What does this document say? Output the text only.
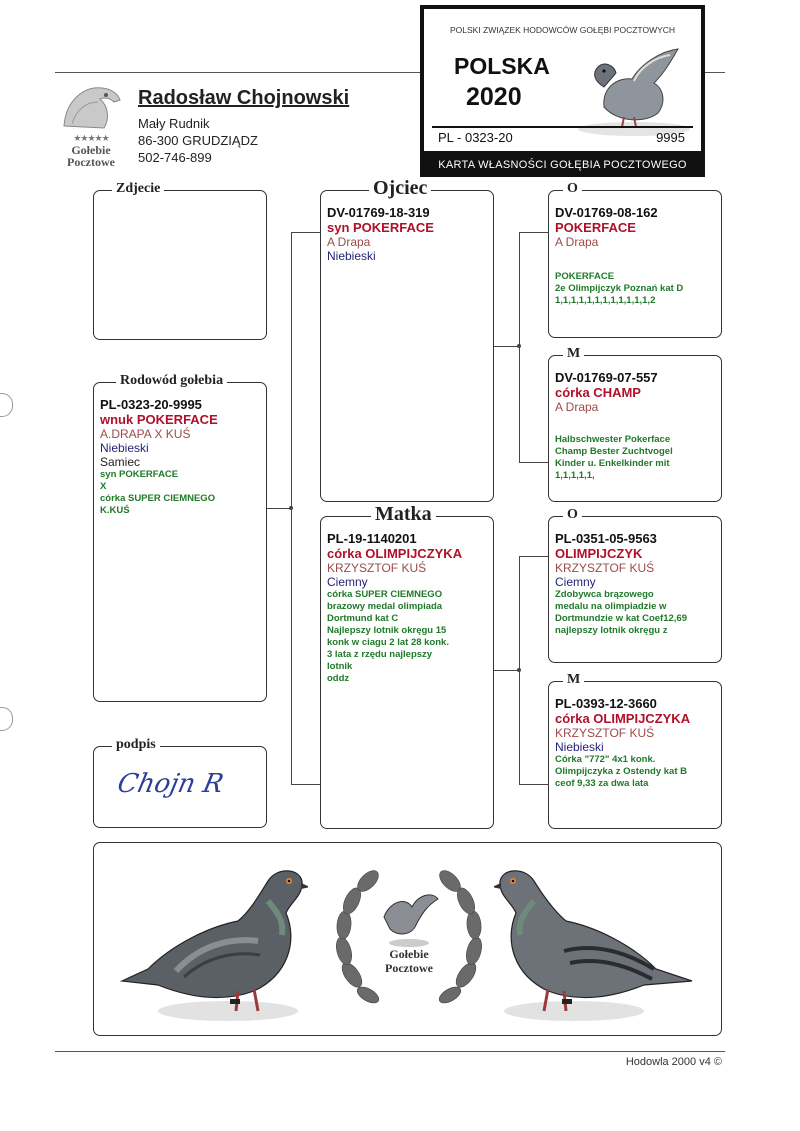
★★★★★
Gołebie
Pocztowe
Radosław Chojnowski
Mały Rudnik
86-300 GRUDZIĄDZ
502-746-899
POLSKI ZWIĄZEK HODOWCÓW GOŁĘBI POCZTOWYCH
POLSKA
2020
PL - 0323-20	9995
KARTA WŁASNOŚCI GOŁĘBIA POCZTOWEGO
Zdjecie
Rodowód gołebia
PL-0323-20-9995
wnuk POKERFACE
A.DRAPA X KUŚ
Niebieski
Samiec
syn POKERFACE
X
córka SUPER CIEMNEGO
K.KUŚ
podpis
Chojn R
Ojciec
DV-01769-18-319
syn POKERFACE
A Drapa
Niebieski
Matka
PL-19-1140201
córka OLIMPIJCZYKA
KRZYSZTOF KUŚ
Ciemny
córka SUPER CIEMNEGO
brazowy medal olimpiada
Dortmund kat C
Najlepszy lotnik okręgu 15
konk w ciagu 2 lat 28 konk.
3 lata z rzędu najlepszy
lotnik
oddz
O
DV-01769-08-162
POKERFACE
A Drapa
POKERFACE
2e Olimpijczyk Poznań kat D
1,1,1,1,1,1,1,1,1,1,1,1,2
M
DV-01769-07-557
córka CHAMP
A Drapa
Halbschwester Pokerface
Champ Bester Zuchtvogel
Kinder u. Enkelkinder mit
1,1,1,1,1,
O
PL-0351-05-9563
OLIMPIJCZYK
KRZYSZTOF KUŚ
Ciemny
Zdobywca brązowego
medalu na olimpiadzie w
Dortmundzie w kat Coef12,69
najlepszy lotnik okręgu z
M
PL-0393-12-3660
córka OLIMPIJCZYKA
KRZYSZTOF KUŚ
Niebieski
Córka "772" 4x1 konk.
Olimpijczyka z Ostendy kat B
ceof 9,33 za dwa lata
Gołebie
Pocztowe
Hodowla 2000 v4 ©
